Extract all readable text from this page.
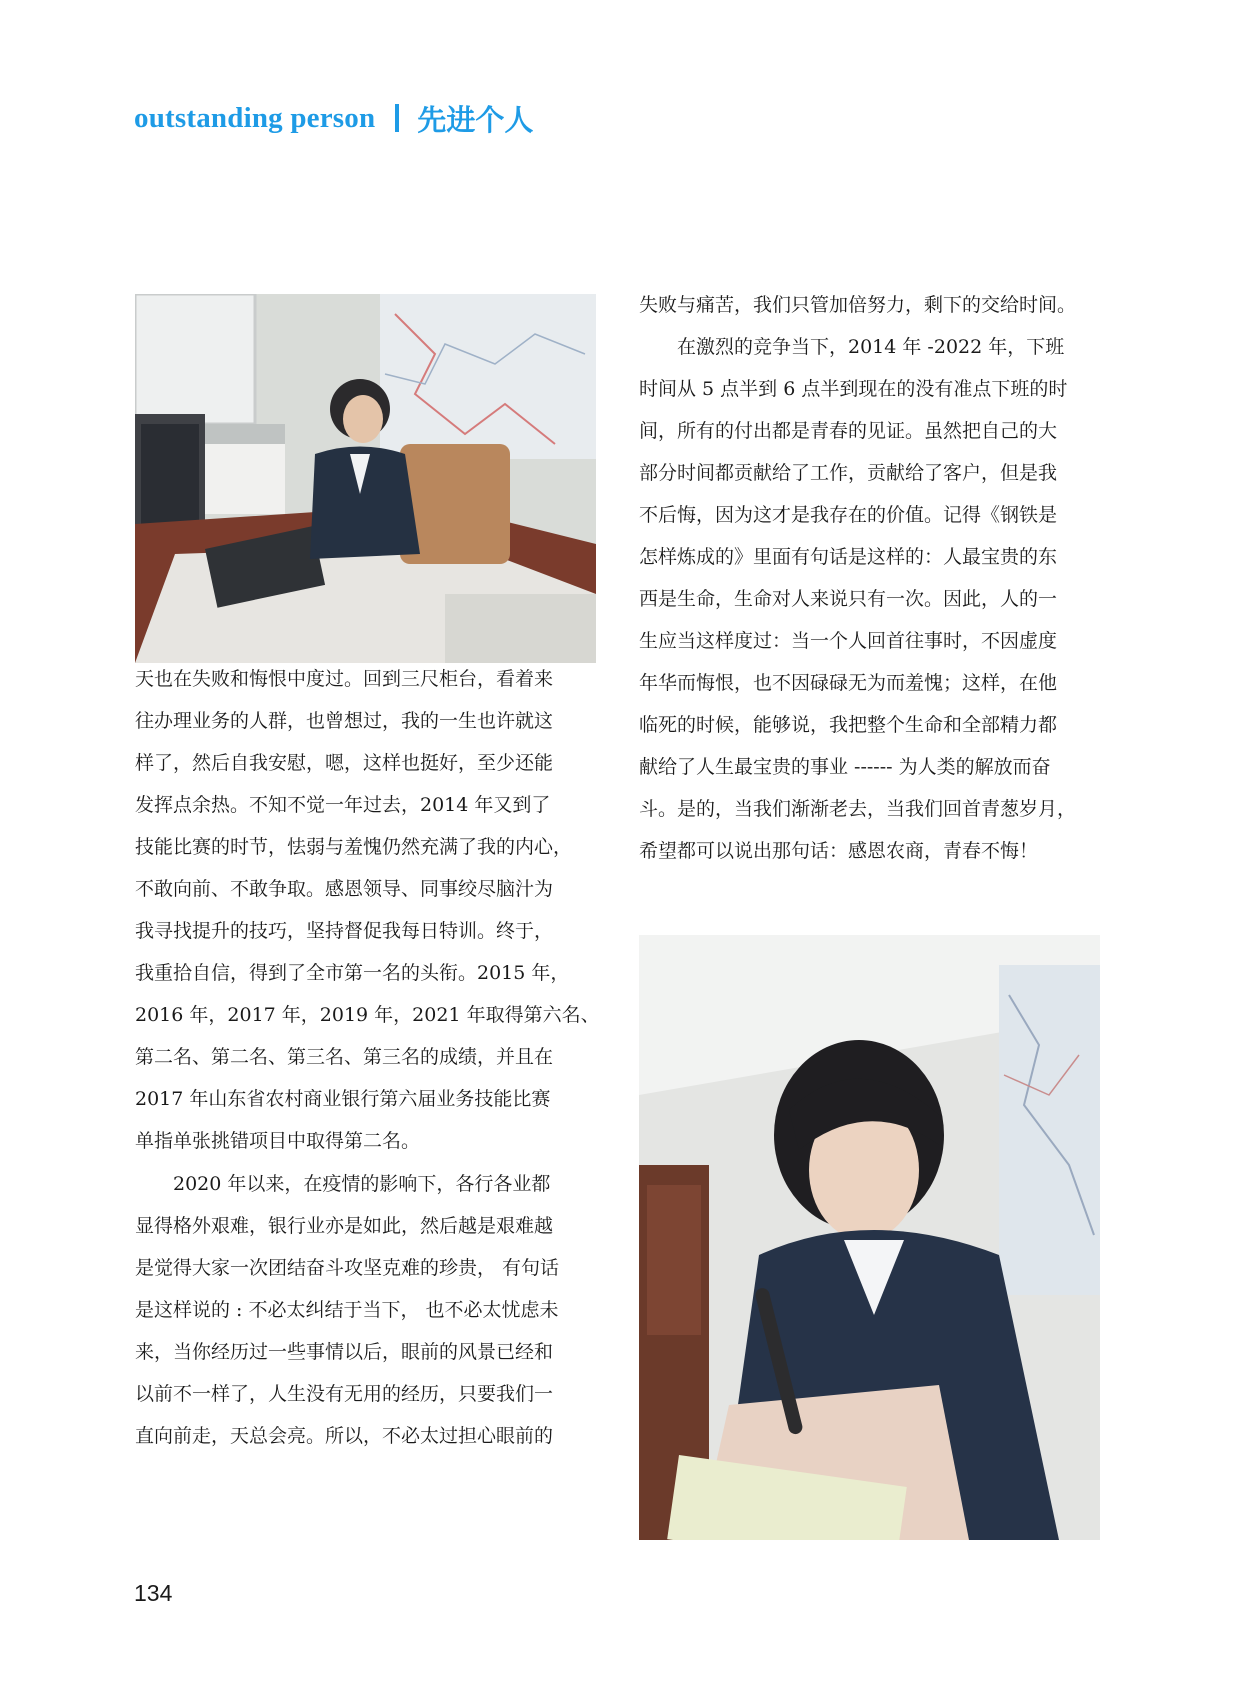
outstanding person 先进个人
天也在失败和悔恨中度过。回到三尺柜台，看着来
往办理业务的人群，也曾想过，我的一生也许就这
样了，然后自我安慰，嗯，这样也挺好，至少还能
发挥点余热。不知不觉一年过去，2014 年又到了
技能比赛的时节，怯弱与羞愧仍然充满了我的内心，
不敢向前、不敢争取。感恩领导、同事绞尽脑汁为
我寻找提升的技巧，坚持督促我每日特训。终于，
我重拾自信，得到了全市第一名的头衔。2015 年，
2016 年，2017 年，2019 年，2021 年取得第六名、
第二名、第二名、第三名、第三名的成绩，并且在
2017 年山东省农村商业银行第六届业务技能比赛
单指单张挑错项目中取得第二名。
2020 年以来，在疫情的影响下，各行各业都
显得格外艰难，银行业亦是如此，然后越是艰难越
是觉得大家一次团结奋斗攻坚克难的珍贵， 有句话
是这样说的 : 不必太纠结于当下， 也不必太忧虑未
来，当你经历过一些事情以后，眼前的风景已经和
以前不一样了，人生没有无用的经历，只要我们一
直向前走，天总会亮。所以，不必太过担心眼前的
失败与痛苦，我们只管加倍努力，剩下的交给时间。
在激烈的竞争当下，2014 年 -2022 年，下班
时间从 5 点半到 6 点半到现在的没有准点下班的时
间，所有的付出都是青春的见证。虽然把自己的大
部分时间都贡献给了工作，贡献给了客户，但是我
不后悔，因为这才是我存在的价值。记得《钢铁是
怎样炼成的》里面有句话是这样的：人最宝贵的东
西是生命，生命对人来说只有一次。因此，人的一
生应当这样度过：当一个人回首往事时，不因虚度
年华而悔恨，也不因碌碌无为而羞愧；这样，在他
临死的时候，能够说，我把整个生命和全部精力都
献给了人生最宝贵的事业 ------ 为人类的解放而奋
斗。是的，当我们渐渐老去，当我们回首青葱岁月，
希望都可以说出那句话：感恩农商，青春不悔！
134
